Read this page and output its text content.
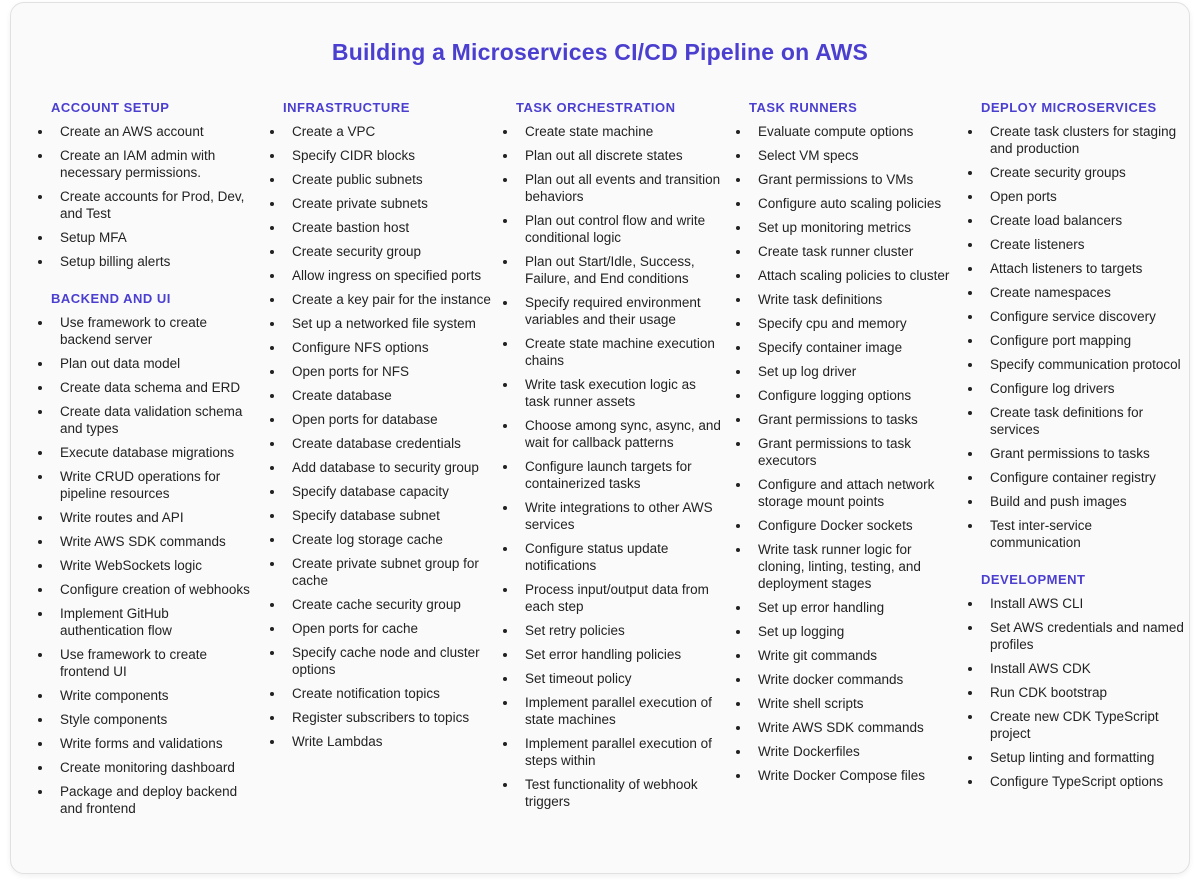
Building a Microservices CI/CD Pipeline on AWS
ACCOUNT SETUP
Create an AWS account
Create an IAM admin with necessary permissions.
Create accounts for Prod, Dev, and Test
Setup MFA
Setup billing alerts
BACKEND AND UI
Use framework to create backend server
Plan out data model
Create data schema and ERD
Create data validation schema and types
Execute database migrations
Write CRUD operations for pipeline resources
Write routes and API
Write AWS SDK commands
Write WebSockets logic
Configure creation of webhooks
Implement GitHub authentication flow
Use framework to create frontend UI
Write components
Style components
Write forms and validations
Create monitoring dashboard
Package and deploy backend and frontend
INFRASTRUCTURE
Create a VPC
Specify CIDR blocks
Create public subnets
Create private subnets
Create bastion host
Create security group
Allow ingress on specified ports
Create a key pair for the instance
Set up a networked file system
Configure NFS options
Open ports for NFS
Create database
Open ports for database
Create database credentials
Add database to security group
Specify database capacity
Specify database subnet
Create log storage cache
Create private subnet group for cache
Create cache security group
Open ports for cache
Specify cache node and cluster options
Create notification topics
Register subscribers to topics
Write Lambdas
TASK ORCHESTRATION
Create state machine
Plan out all discrete states
Plan out all events and transition behaviors
Plan out control flow and write conditional logic
Plan out Start/Idle, Success, Failure, and End conditions
Specify required environment variables and their usage
Create state machine execution chains
Write task execution logic as task runner assets
Choose among sync, async, and wait for callback patterns
Configure launch targets for containerized tasks
Write integrations to other AWS services
Configure status update notifications
Process input/output data from each step
Set retry policies
Set error handling policies
Set timeout policy
Implement parallel execution of state machines
Implement parallel execution of steps within
Test functionality of webhook triggers
TASK RUNNERS
Evaluate compute options
Select VM specs
Grant permissions to VMs
Configure auto scaling policies
Set up monitoring metrics
Create task runner cluster
Attach scaling policies to cluster
Write task definitions
Specify cpu and memory
Specify container image
Set up log driver
Configure logging options
Grant permissions to tasks
Grant permissions to task executors
Configure and attach network storage mount points
Configure Docker sockets
Write task runner logic for cloning, linting, testing, and deployment stages
Set up error handling
Set up logging
Write git commands
Write docker commands
Write shell scripts
Write AWS SDK commands
Write Dockerfiles
Write Docker Compose files
DEPLOY MICROSERVICES
Create task clusters for staging and production
Create security groups
Open ports
Create load balancers
Create listeners
Attach listeners to targets
Create namespaces
Configure service discovery
Configure port mapping
Specify communication protocol
Configure log drivers
Create task definitions for services
Grant permissions to tasks
Configure container registry
Build and push images
Test inter-service communication
DEVELOPMENT
Install AWS CLI
Set AWS credentials and named profiles
Install AWS CDK
Run CDK bootstrap
Create new CDK TypeScript project
Setup linting and formatting
Configure TypeScript options
